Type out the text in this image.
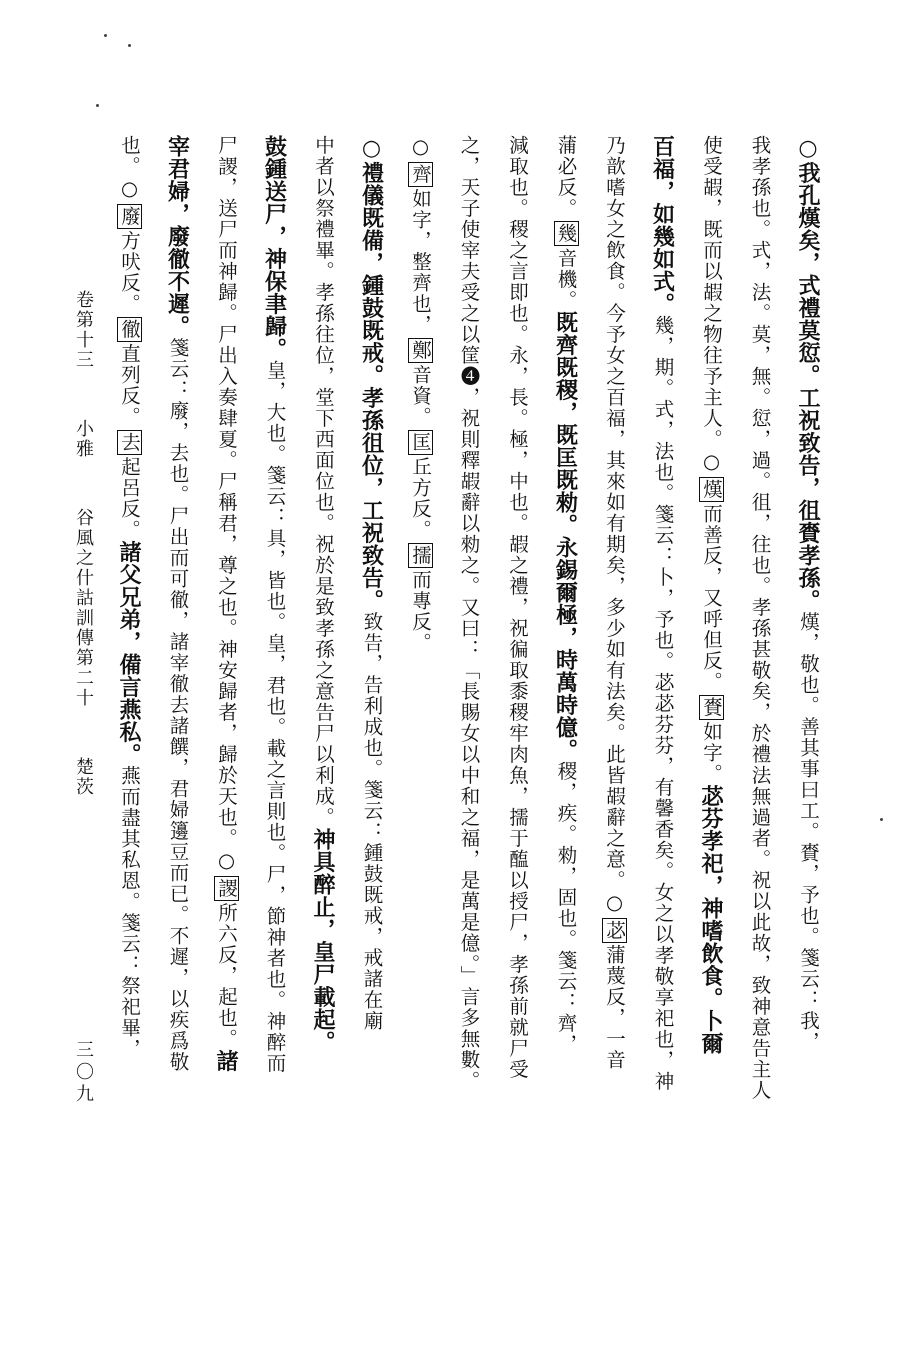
○我孔熯矣，式禮莫愆。工祝致告，徂賚孝孫。熯，敬也。善其事曰工。賚，予也。箋云：我，
我孝孫也。式，法。莫，無。愆，過。徂，往也。孝孫甚敬矣，於禮法無過者。祝以此故，致神意告主人
使受嘏，既而以嘏之物往予主人。○熯而善反，又呼但反。賚如字。苾芬孝祀，神嗜飲食。卜爾
百福，如幾如式。幾，期。式，法也。箋云：卜，予也。苾苾芬芬，有馨香矣。女之以孝敬享祀也，神
乃歆嗜女之飲食。今予女之百福，其來如有期矣，多少如有法矣。此皆嘏辭之意。○苾蒲蔑反，一音
蒲必反。幾音機。既齊既稷，既匡既勑。永錫爾極，時萬時億。稷，疾。勑，固也。箋云：齊，
減取也。稷之言即也。永，長。極，中也。嘏之禮，祝徧取黍稷牢肉魚，擩于醢以授尸，孝孫前就尸受
之，天子使宰夫受之以筐❹，祝則釋嘏辭以勑之。又曰：「長賜女以中和之福，是萬是億。」言多無數。
○齊如字，整齊也，鄭音資。匡丘方反。擩而專反。
○禮儀既備，鍾鼓既戒。孝孫徂位，工祝致告。致告，告利成也。箋云：鍾鼓既戒，戒諸在廟
中者以祭禮畢。孝孫往位，堂下西面位也。祝於是致孝孫之意告尸以利成。神具醉止，皇尸載起。
鼓鍾送尸，神保聿歸。皇，大也。箋云：具，皆也。皇，君也。載之言則也。尸，節神者也。神醉而
尸謖，送尸而神歸。尸出入奏肆夏。尸稱君，尊之也。神安歸者，歸於天也。○謖所六反，起也。諸
宰君婦，廢徹不遲。箋云：廢，去也。尸出而可徹，諸宰徹去諸饌，君婦籩豆而已。不遲，以疾爲敬
也。○廢方吠反。徹直列反。去起呂反。諸父兄弟，備言燕私。燕而盡其私恩。箋云：祭祀畢，
卷第十三 小雅 谷風之什詁訓傳第二十 楚茨
三〇九
